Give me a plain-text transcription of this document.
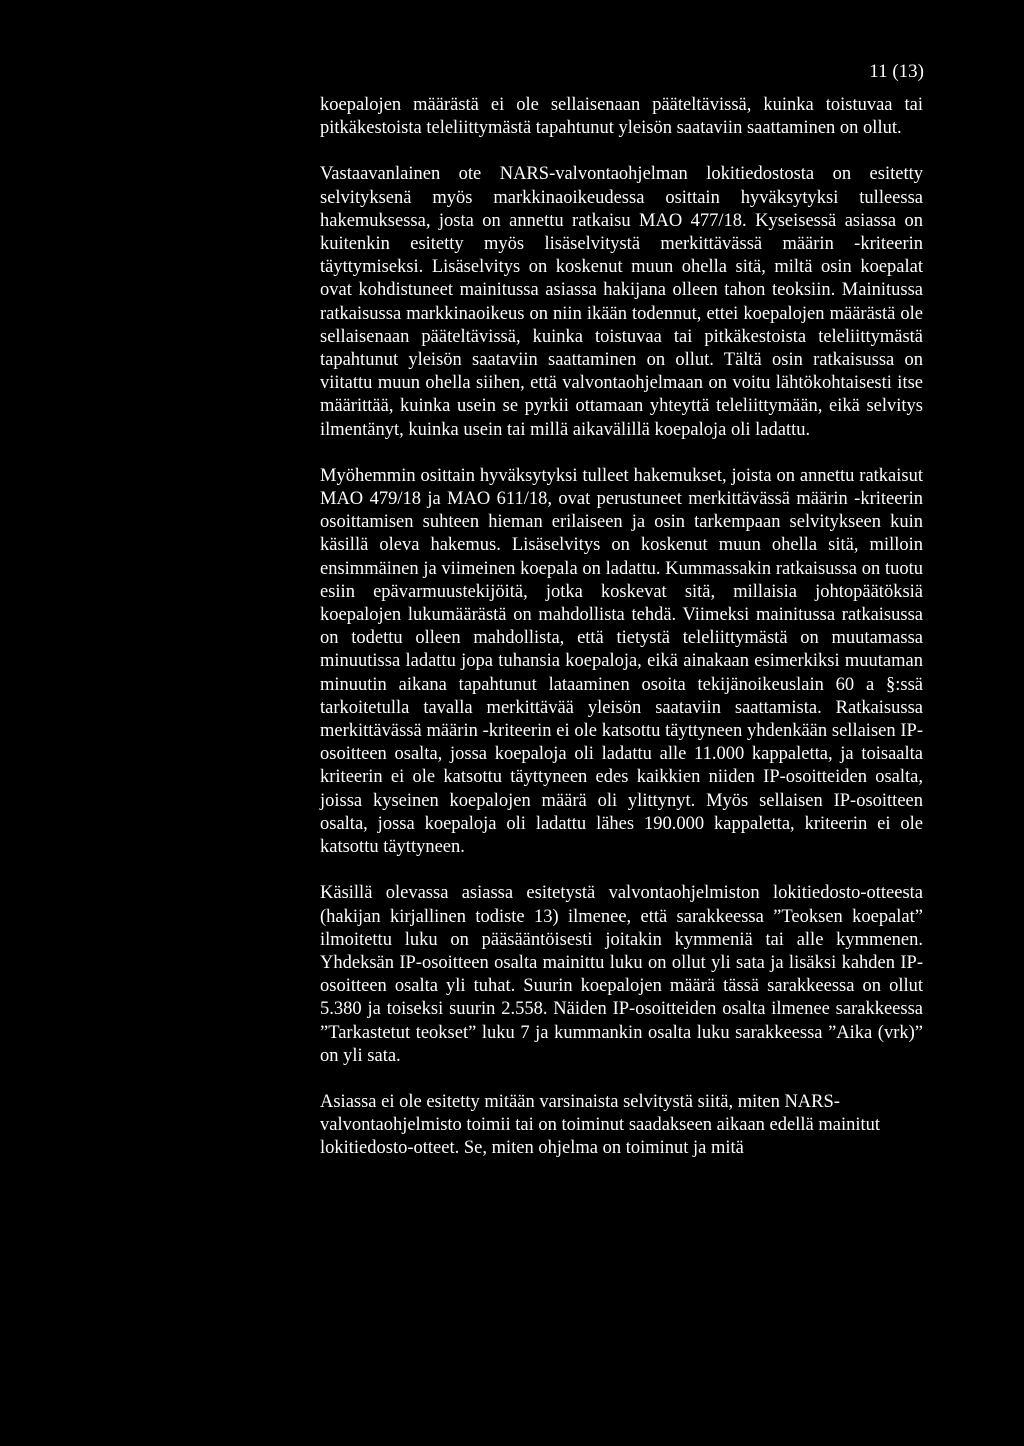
11 (13)

koepalojen määrästä ei ole sellaisenaan pääteltävissä, kuinka toistuvaa tai pitkäkestoista teleliittymästä tapahtunut yleisön saataviin saattaminen on ollut.

Vastaavanlainen ote NARS-valvontaohjelman lokitiedostosta on esitetty selvityksenä myös markkinaoikeudessa osittain hyväksytyksi tulleessa hakemuksessa, josta on annettu ratkaisu MAO 477/18. Kyseisessä asiassa on kuitenkin esitetty myös lisäselvitystä merkittävässä määrin -kriteerin täyttymiseksi. Lisäselvitys on koskenut muun ohella sitä, miltä osin koepalat ovat kohdistuneet mainitussa asiassa hakijana olleen tahon teoksiin. Mainitussa ratkaisussa markkinaoikeus on niin ikään todennut, ettei koepalojen määrästä ole sellaisenaan pääteltävissä, kuinka toistuvaa tai pitkäkestoista teleliittymästä tapahtunut yleisön saataviin saattaminen on ollut. Tältä osin ratkaisussa on viitattu muun ohella siihen, että valvontaohjelmaan on voitu lähtökohtaisesti itse määrittää, kuinka usein se pyrkii ottamaan yhteyttä teleliittymään, eikä selvitys ilmentänyt, kuinka usein tai millä aikavälillä koepaloja oli ladattu.

Myöhemmin osittain hyväksytyksi tulleet hakemukset, joista on annettu ratkaisut MAO 479/18 ja MAO 611/18, ovat perustuneet merkittävässä määrin -kriteerin osoittamisen suhteen hieman erilaiseen ja osin tarkempaan selvitykseen kuin käsillä oleva hakemus. Lisäselvitys on koskenut muun ohella sitä, milloin ensimmäinen ja viimeinen koepala on ladattu. Kummassakin ratkaisussa on tuotu esiin epävarmuustekijöitä, jotka koskevat sitä, millaisia johtopäätöksiä koepalojen lukumäärästä on mahdollista tehdä. Viimeksi mainitussa ratkaisussa on todettu olleen mahdollista, että tietystä teleliittymästä on muutamassa minuutissa ladattu jopa tuhansia koepaloja, eikä ainakaan esimerkiksi muutaman minuutin aikana tapahtunut lataaminen osoita tekijänoikeuslain 60 a §:ssä tarkoitetulla tavalla merkittävää yleisön saataviin saattamista. Ratkaisussa merkittävässä määrin -kriteerin ei ole katsottu täyttyneen yhdenkään sellaisen IP-osoitteen osalta, jossa koepaloja oli ladattu alle 11.000 kappaletta, ja toisaalta kriteerin ei ole katsottu täyttyneen edes kaikkien niiden IP-osoitteiden osalta, joissa kyseinen koepalojen määrä oli ylittynyt. Myös sellaisen IP-osoitteen osalta, jossa koepaloja oli ladattu lähes 190.000 kappaletta, kriteerin ei ole katsottu täyttyneen.

Käsillä olevassa asiassa esitetystä valvontaohjelmiston lokitiedosto-otteesta (hakijan kirjallinen todiste 13) ilmenee, että sarakkeessa ”Teoksen koepalat” ilmoitettu luku on pääsääntöisesti joitakin kymmeniä tai alle kymmenen. Yhdeksän IP-osoitteen osalta mainittu luku on ollut yli sata ja lisäksi kahden IP-osoitteen osalta yli tuhat. Suurin koepalojen määrä tässä sarakkeessa on ollut 5.380 ja toiseksi suurin 2.558. Näiden IP-osoitteiden osalta ilmenee sarakkeessa ”Tarkastetut teokset” luku 7 ja kummankin osalta luku sarakkeessa ”Aika (vrk)” on yli sata.

Asiassa ei ole esitetty mitään varsinaista selvitystä siitä, miten NARS-valvontaohjelmisto toimii tai on toiminut saadakseen aikaan edellä mainitut lokitiedosto-otteet. Se, miten ohjelma on toiminut ja mitä
